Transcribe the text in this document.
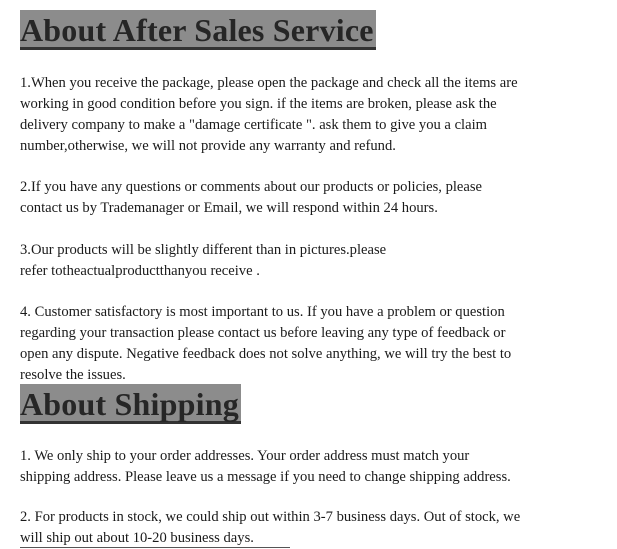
About After Sales Service

1.When you receive the package, please open the package and check all the items are
working in good condition before you sign. if the items are broken, please ask the
delivery company to make a "damage certificate ". ask them to give you a claim
number,otherwise, we will not provide any warranty and refund.

2.If you have any questions or comments about our products or policies, please
contact us by Trademanager or Email, we will respond within 24 hours.

3.Our products will be slightly different than in pictures.please
refer totheactualproductthanyou receive .

4. Customer satisfactory is most important to us. If you have a problem or question
regarding your transaction please contact us before leaving any type of feedback or
open any dispute. Negative feedback does not solve anything, we will try the best to
resolve the issues.

About Shipping

1. We only ship to your order addresses. Your order address must match your
shipping address. Please leave us a message if you need to change shipping address.

2. For products in stock, we could ship out within 3-7 business days. Out of stock, we
will ship out about 10-20 business days.
